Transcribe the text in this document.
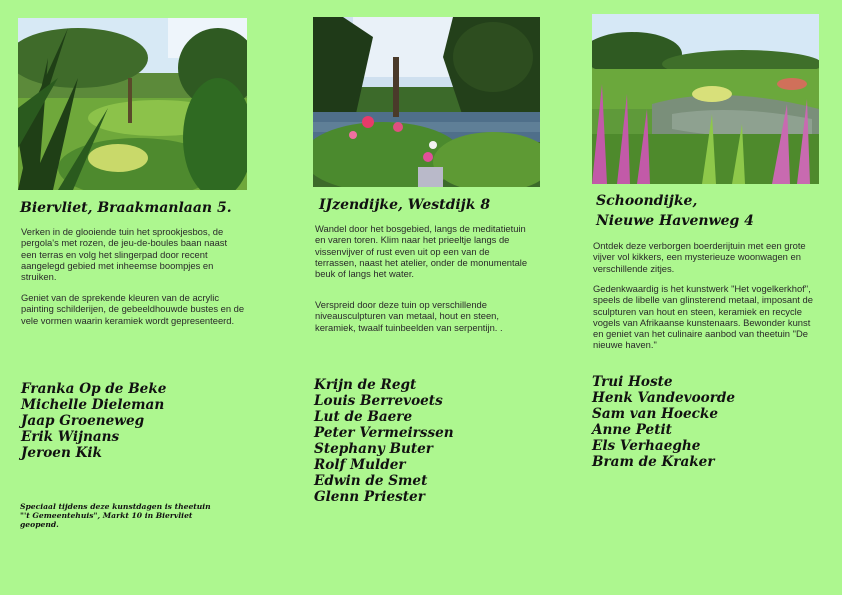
Biervliet, Braakmanlaan 5.

Verken in de glooiende tuin het sprookjesbos, de pergola's met rozen, de jeu-de-boules baan naast een terras en volg het slingerpad door recent aangelegd gebied met inheemse boompjes en struiken.

Geniet van de sprekende kleuren van de acrylic painting schilderijen, de gebeeldhouwde bustes en de vele vormen waarin keramiek wordt gepresenteerd.

Franka Op de Beke
Michelle Dieleman
Jaap Groeneweg
Erik Wijnans
Jeroen Kik

Speciaal tijdens deze kunstdagen is theetuin "'t Gemeentehuis", Markt 10 in Biervliet geopend.

IJzendijke, Westdijk 8

Wandel door het bosgebied, langs de meditatietuin en varen toren. Klim naar het prieeltje langs de vissenvijver of rust even uit op een van de terrassen, naast het atelier, onder de monumentale beuk of langs het water.

Verspreid door deze tuin op verschillende niveausculpturen van metaal, hout en steen, keramiek, twaalf tuinbeelden van serpentijn. .

Krijn de Regt
Louis Berrevoets
Lut de Baere
Peter Vermeirssen
Stephany Buter
Rolf Mulder
Edwin de Smet
Glenn Priester

Schoondijke,

Nieuwe Havenweg 4

Ontdek deze verborgen boerderijtuin met een grote vijver vol kikkers, een mysterieuze woonwagen en verschillende zitjes.

Gedenkwaardig is het kunstwerk "Het vogelkerkhof", speels de libelle van glinsterend metaal, imposant de sculpturen van hout en steen, keramiek en recycle vogels van Afrikaanse kunstenaars. Bewonder kunst en geniet van het culinaire aanbod van theetuin "De nieuwe haven."

Trui Hoste
Henk Vandevoorde
Sam van Hoecke
Anne Petit
Els Verhaeghe
Bram de Kraker
